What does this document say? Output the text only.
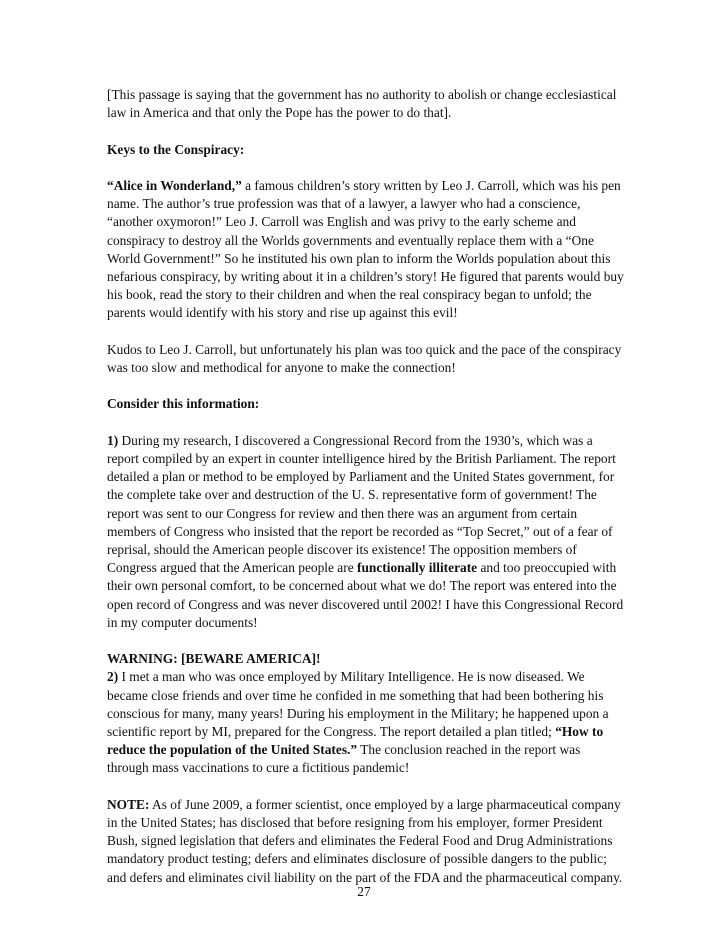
[This passage is saying that the government has no authority to abolish or change ecclesiastical law in America and that only the Pope has the power to do that].

Keys to the Conspiracy:

“Alice in Wonderland,” a famous children’s story written by Leo J. Carroll, which was his pen name. The author’s true profession was that of a lawyer, a lawyer who had a conscience, “another oxymoron!” Leo J. Carroll was English and was privy to the early scheme and conspiracy to destroy all the Worlds governments and eventually replace them with a “One World Government!” So he instituted his own plan to inform the Worlds population about this nefarious conspiracy, by writing about it in a children’s story! He figured that parents would buy his book, read the story to their children and when the real conspiracy began to unfold; the parents would identify with his story and rise up against this evil!

Kudos to Leo J. Carroll, but unfortunately his plan was too quick and the pace of the conspiracy was too slow and methodical for anyone to make the connection!

Consider this information:

1) During my research, I discovered a Congressional Record from the 1930’s, which was a report compiled by an expert in counter intelligence hired by the British Parliament. The report detailed a plan or method to be employed by Parliament and the United States government, for the complete take over and destruction of the U. S. representative form of government! The report was sent to our Congress for review and then there was an argument from certain members of Congress who insisted that the report be recorded as “Top Secret,” out of a fear of reprisal, should the American people discover its existence! The opposition members of Congress argued that the American people are functionally illiterate and too preoccupied with their own personal comfort, to be concerned about what we do! The report was entered into the open record of Congress and was never discovered until 2002! I have this Congressional Record in my computer documents!

WARNING: [BEWARE AMERICA]!

2) I met a man who was once employed by Military Intelligence. He is now diseased. We became close friends and over time he confided in me something that had been bothering his conscious for many, many years! During his employment in the Military; he happened upon a scientific report by MI, prepared for the Congress. The report detailed a plan titled; “How to reduce the population of the United States.” The conclusion reached in the report was through mass vaccinations to cure a fictitious pandemic!

NOTE: As of June 2009, a former scientist, once employed by a large pharmaceutical company in the United States; has disclosed that before resigning from his employer, former President Bush, signed legislation that defers and eliminates the Federal Food and Drug Administrations mandatory product testing; defers and eliminates disclosure of possible dangers to the public; and defers and eliminates civil liability on the part of the FDA and the pharmaceutical company.

27
